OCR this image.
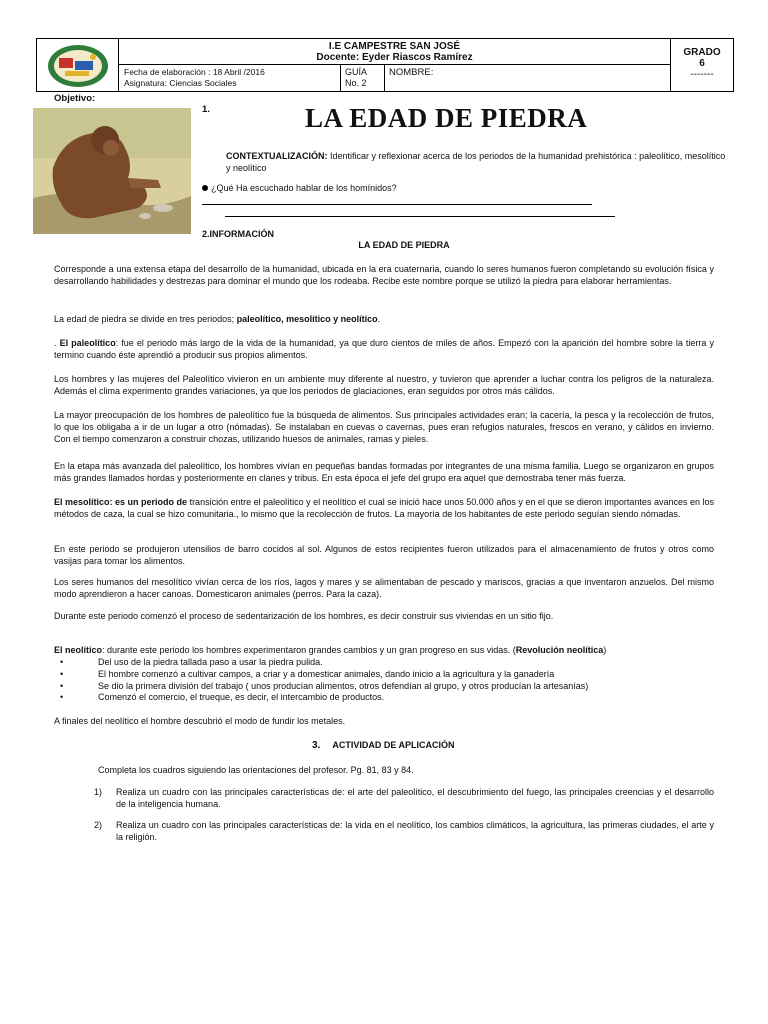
I.E CAMPESTRE SAN JOSÉ
Docente: Eyder Riascos Ramírez
Fecha de elaboración : 18 Abril /2016
Asignatura: Ciencias Sociales
GUÍA
No. 2
NOMBRE:
GRADO
6
-------
Objetivo:
1.	LA EDAD DE PIEDRA
CONTEXTUALIZACIÓN: Identificar y reflexionar acerca de los periodos de la humanidad prehistórica : paleolítico, mesolítico y neolítico
¿Qué Ha escuchado hablar de los homínidos?
2.INFORMACIÓN
LA EDAD DE PIEDRA
Corresponde a una extensa etapa del desarrollo de la humanidad, ubicada en la era cuaternaria, cuando lo seres humanos fueron completando su evolución física y desarrollando habilidades y destrezas para dominar el mundo que los rodeaba. Recibe este nombre porque se utilizó la piedra para elaborar herramientas.
La edad de piedra se divide en tres periodos; paleolítico, mesolítico y neolítico.
. El paleolítico: fue el periodo más largo de la vida de la humanidad, ya que duro cientos de miles de años. Empezó con la aparición del hombre sobre la tierra y termino cuando éste aprendió a producir sus propios alimentos.
Los hombres y las mujeres del Paleolítico vivieron en un ambiente muy diferente al nuestro, y tuvieron que aprender a luchar contra los peligros de la naturaleza. Además el clima experimento grandes variaciones, ya que los periodos de glaciaciones, eran seguidos por otros más cálidos.
La mayor preocupación de los hombres de paleolítico fue la búsqueda de alimentos. Sus principales actividades eran; la cacería, la pesca y la recolección de frutos, lo que los obligaba a ir de un lugar a otro (nómadas). Se instalaban en cuevas o cavernas, pues eran refugios naturales, frescos en verano, y cálidos en invierno. Con el tiempo comenzaron a construir chozas, utilizando huesos de animales, ramas y pieles.
En la etapa más avanzada del paleolítico, los hombres vivían en pequeñas bandas formadas por integrantes de una misma familia. Luego se organizaron en grupos más grandes llamados hordas y posteriormente en clanes y tribus. En esta época el jefe del grupo era aquel que demostraba tener más fuerza.
El mesolítico: es un periodo de transición entre el paleolítico y el neolítico el cual se inició hace unos 50.000 años y en el que se dieron importantes avances en los métodos de caza, la cual se hizo comunitaria., lo mismo que la recolección de frutos. La mayoría de los habitantes de este periodo seguían siendo nómadas.
En este periodo se produjeron utensilios de barro cocidos al sol. Algunos de estos recipientes fueron utilizados para el almacenamiento de frutos y otros como vasijas para tomar los alimentos.
Los seres humanos del mesolítico vivían cerca de los ríos, lagos y mares y se alimentaban de pescado y mariscos, gracias a que inventaron anzuelos. Del mismo modo aprendieron a hacer canoas. Domesticaron animales (perros. Para la caza).
Durante este periodo comenzó el proceso de sedentarización de los hombres, es decir construir sus viviendas en un sitio fijo.
El neolítico: durante este periodo los hombres experimentaron grandes cambios y un gran progreso en sus vidas. (Revolución neolítica)
• Del uso de la piedra tallada paso a usar la piedra pulida.
• El hombre comenzó a cultivar campos, a criar y a domesticar animales, dando inicio a la agricultura y la ganadería
• Se dio la primera división del trabajo ( unos producían alimentos, otros defendían al grupo, y otros producían la artesanías)
• Comenzó el comercio, el trueque, es decir, el intercambio de productos.
A finales del neolítico el hombre descubrió el modo de fundir los metales.
3. ACTIVIDAD DE APLICACIÓN
Completa los cuadros siguiendo las orientaciones del profesor. Pg. 81, 83 y 84.
1) Realiza un cuadro con las principales características de: el arte del paleolítico, el descubrimiento del fuego, las principales creencias y el desarrollo de la inteligencia humana.
2) Realiza un cuadro con las principales características de: la vida en el neolítico, los cambios climáticos, la agricultura, las primeras ciudades, el arte y la religión.
